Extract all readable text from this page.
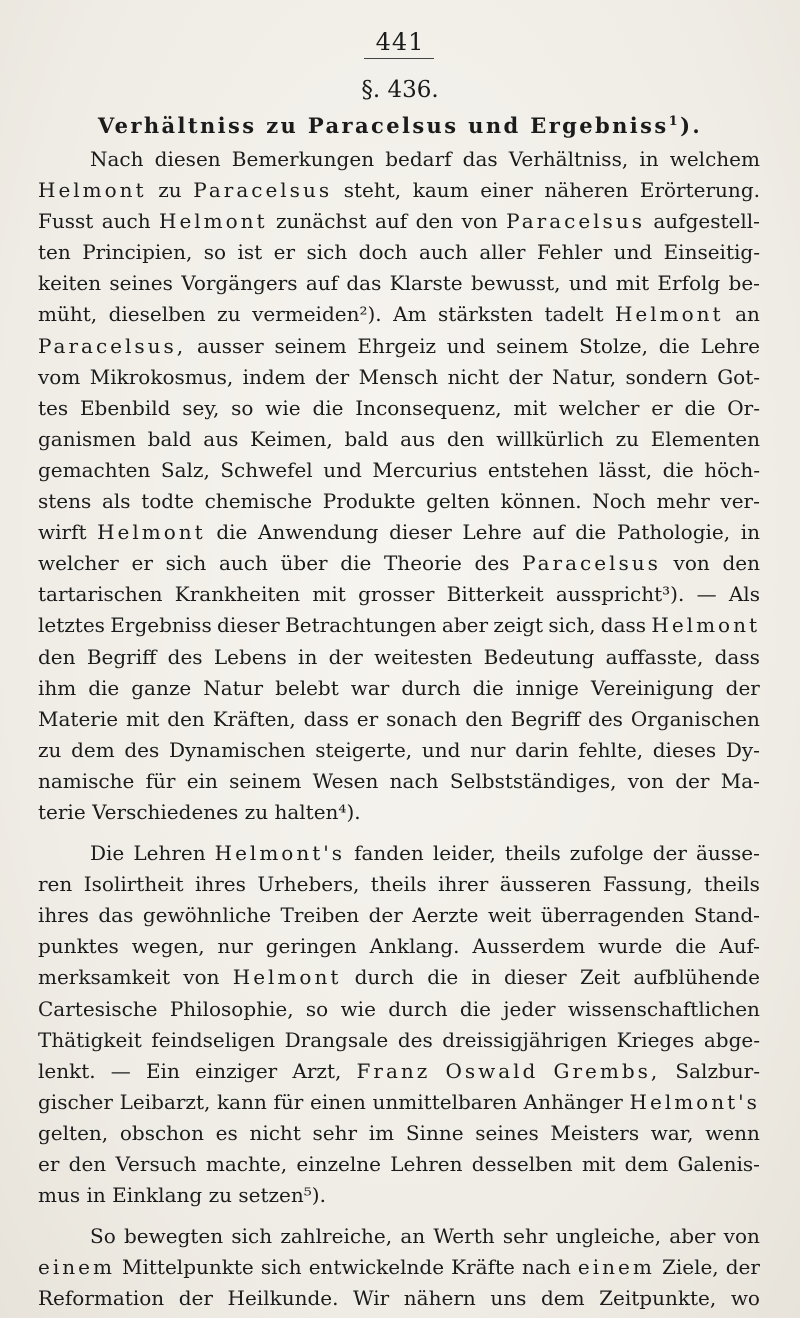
441
§. 436.
Verhältniss zu Paracelsus und Ergebniss$^1$).
Nach diesen Bemerkungen bedarf das Verhältniss, in welchem
Helmont zu Paracelsus steht, kaum einer näheren Erörterung.
Fusst auch Helmont zunächst auf den von Paracelsus aufgestell-
ten Principien, so ist er sich doch auch aller Fehler und Einseitig-
keiten seines Vorgängers auf das Klarste bewusst, und mit Erfolg be-
müht, dieselben zu vermeiden²). Am stärksten tadelt Helmont an
Paracelsus, ausser seinem Ehrgeiz und seinem Stolze, die Lehre
vom Mikrokosmus, indem der Mensch nicht der Natur, sondern Got-
tes Ebenbild sey, so wie die Inconsequenz, mit welcher er die Or-
ganismen bald aus Keimen, bald aus den willkürlich zu Elementen
gemachten Salz, Schwefel und Mercurius entstehen lässt, die höch-
stens als todte chemische Produkte gelten können. Noch mehr ver-
wirft Helmont die Anwendung dieser Lehre auf die Pathologie, in
welcher er sich auch über die Theorie des Paracelsus von den
tartarischen Krankheiten mit grosser Bitterkeit ausspricht³). — Als
letztes Ergebniss dieser Betrachtungen aber zeigt sich, dass Helmont
den Begriff des Lebens in der weitesten Bedeutung auffasste, dass
ihm die ganze Natur belebt war durch die innige Vereinigung der
Materie mit den Kräften, dass er sonach den Begriff des Organischen
zu dem des Dynamischen steigerte, und nur darin fehlte, dieses Dy-
namische für ein seinem Wesen nach Selbstständiges, von der Ma-
terie Verschiedenes zu halten⁴).
Die Lehren Helmont's fanden leider, theils zufolge der äusse-
ren Isolirtheit ihres Urhebers, theils ihrer äusseren Fassung, theils
ihres das gewöhnliche Treiben der Aerzte weit überragenden Stand-
punktes wegen, nur geringen Anklang. Ausserdem wurde die Auf-
merksamkeit von Helmont durch die in dieser Zeit aufblühende
Cartesische Philosophie, so wie durch die jeder wissenschaftlichen
Thätigkeit feindseligen Drangsale des dreissigjährigen Krieges abge-
lenkt. — Ein einziger Arzt, Franz Oswald Grembs, Salzbur-
gischer Leibarzt, kann für einen unmittelbaren Anhänger Helmont's
gelten, obschon es nicht sehr im Sinne seines Meisters war, wenn
er den Versuch machte, einzelne Lehren desselben mit dem Galenis-
mus in Einklang zu setzen⁵).
So bewegten sich zahlreiche, an Werth sehr ungleiche, aber von
einem Mittelpunkte sich entwickelnde Kräfte nach einem Ziele, der
Reformation der Heilkunde. Wir nähern uns dem Zeitpunkte, wo
